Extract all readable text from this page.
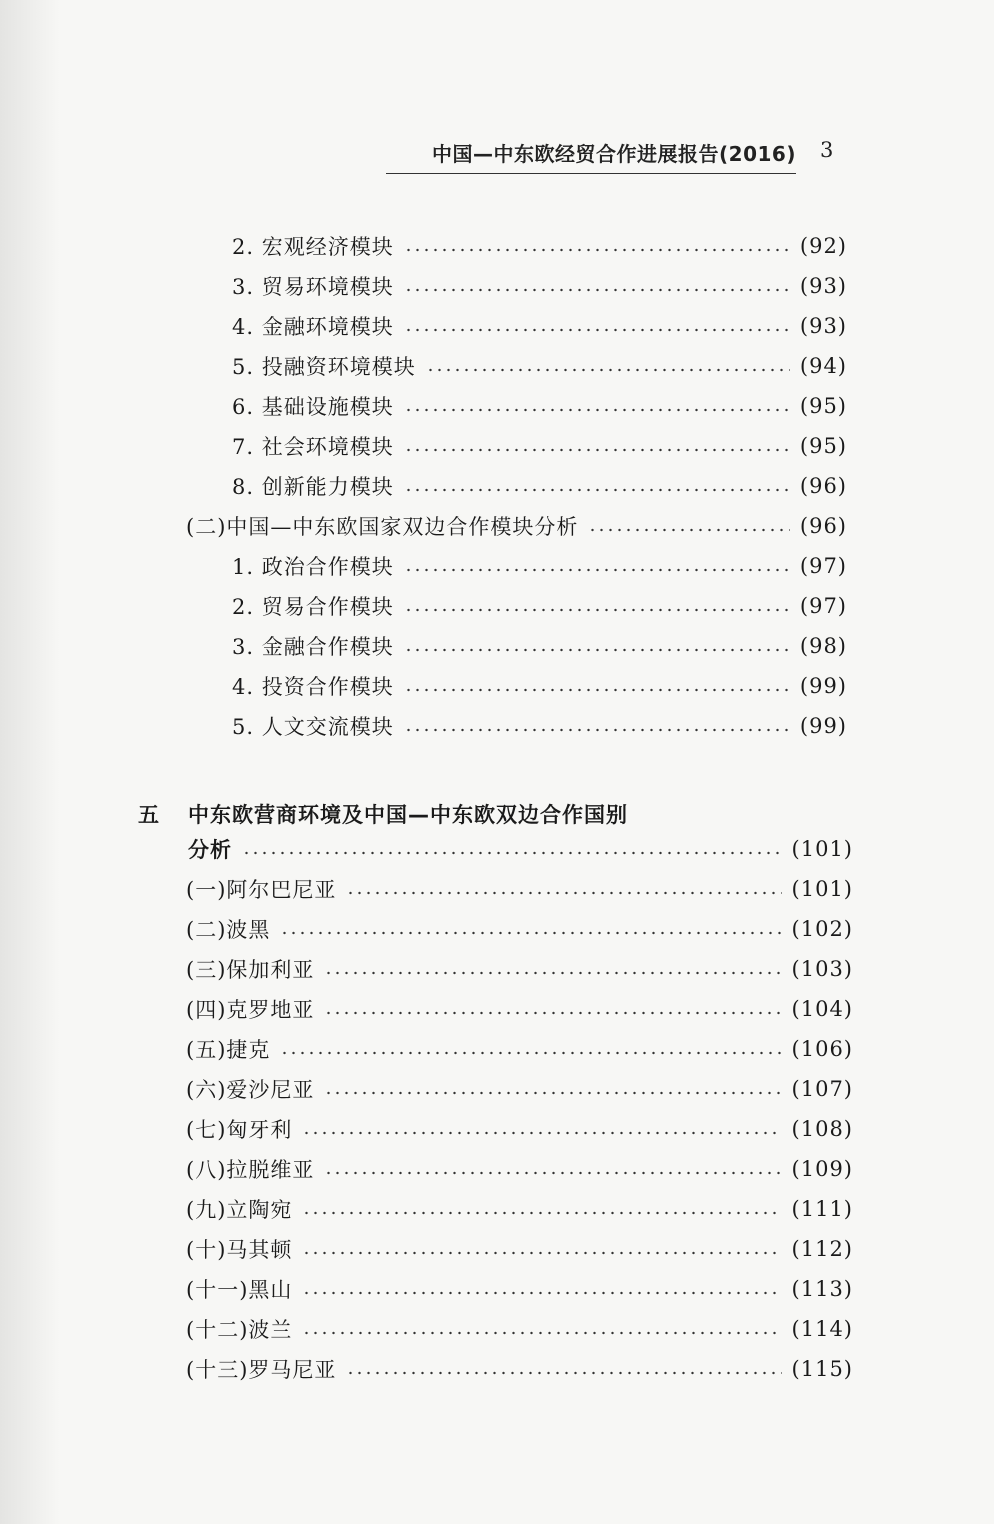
中国—中东欧经贸合作进展报告(2016) 3
2. 宏观经济模块	(92)
3. 贸易环境模块	(93)
4. 金融环境模块	(93)
5. 投融资环境模块	(94)
6. 基础设施模块	(95)
7. 社会环境模块	(95)
8. 创新能力模块	(96)
(二)中国—中东欧国家双边合作模块分析	(96)
1. 政治合作模块	(97)
2. 贸易合作模块	(97)
3. 金融合作模块	(98)
4. 投资合作模块	(99)
5. 人文交流模块	(99)
五	中东欧营商环境及中国—中东欧双边合作国别
分析	(101)
(一)阿尔巴尼亚	(101)
(二)波黑	(102)
(三)保加利亚	(103)
(四)克罗地亚	(104)
(五)捷克	(106)
(六)爱沙尼亚	(107)
(七)匈牙利	(108)
(八)拉脱维亚	(109)
(九)立陶宛	(111)
(十)马其顿	(112)
(十一)黑山	(113)
(十二)波兰	(114)
(十三)罗马尼亚	(115)
